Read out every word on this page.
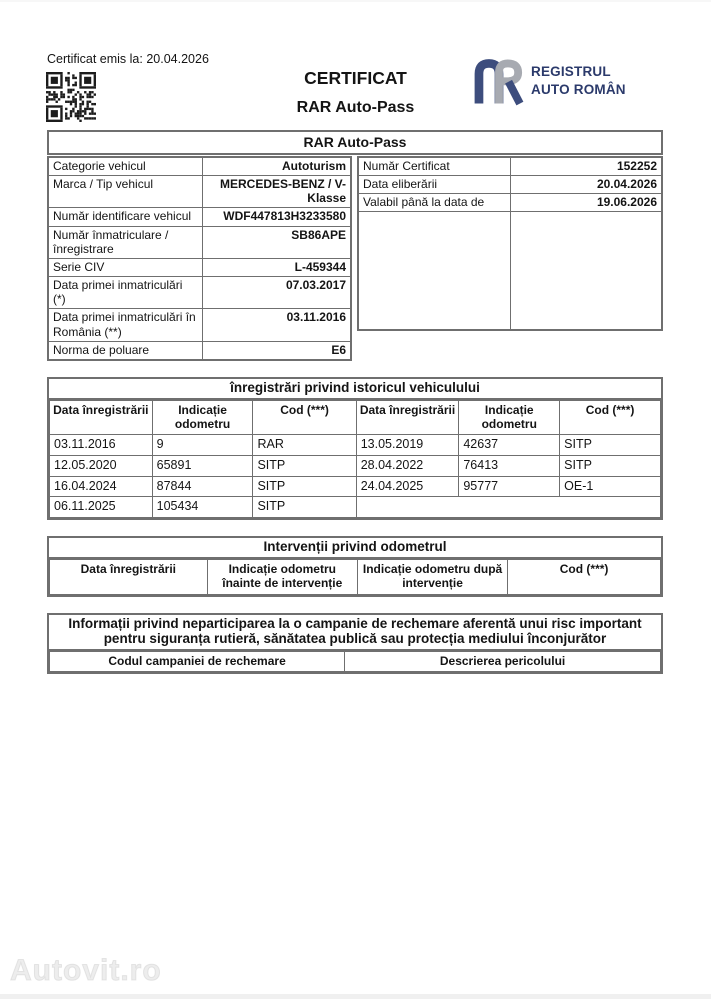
Certificat emis la: 20.04.2026
CERTIFICAT
RAR Auto-Pass
REGISTRUL
AUTO ROMÂN
RAR Auto-Pass
Categorie vehicul	Autoturism
Marca / Tip vehicul	MERCEDES-BENZ / V-Klasse
Număr identificare vehicul	WDF447813H3233580
Număr înmatriculare / înregistrare	SB86APE
Serie CIV	L-459344
Data primei inmatriculări (*)	07.03.2017
Data primei inmatriculări în România (**)	03.11.2016
Norma de poluare	E6
Număr Certificat	152252
Data eliberării	20.04.2026
Valabil până la data de	19.06.2026

înregistrări privind istoricul vehiculului
Data înregistrării	Indicație odometru	Cod (***)	Data înregistrării	Indicație odometru	Cod (***)
03.11.2016	9	RAR	13.05.2019	42637	SITP
12.05.2020	65891	SITP	28.04.2022	76413	SITP
16.04.2024	87844	SITP	24.04.2025	95777	OE-1
06.11.2025	105434	SITP			
Intervenții privind odometrul
Data înregistrării	Indicație odometru înainte de intervenție	Indicație odometru după intervenție	Cod (***)
Informații privind neparticiparea la o campanie de rechemare aferentă unui risc important pentru siguranța rutieră, sănătatea publică sau protecția mediului înconjurător
Codul campaniei de rechemare	Descrierea pericolului
Autovit.ro
